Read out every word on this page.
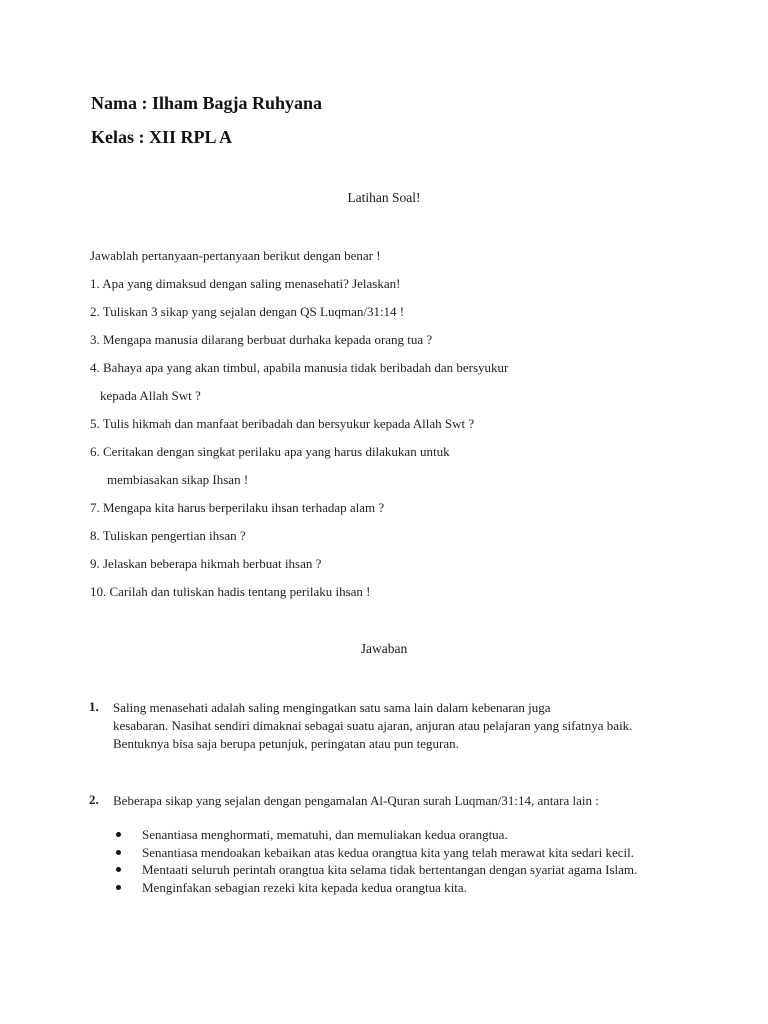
Nama : Ilham Bagja Ruhyana
Kelas : XII RPL A
Latihan Soal!
Jawablah pertanyaan-pertanyaan berikut dengan benar !
1. Apa yang dimaksud dengan saling menasehati? Jelaskan!
2. Tuliskan 3 sikap yang sejalan dengan QS Luqman/31:14 !
3. Mengapa manusia dilarang berbuat durhaka kepada orang tua ?
4. Bahaya apa yang akan timbul, apabila manusia tidak beribadah dan bersyukur
kepada Allah Swt ?
5. Tulis hikmah dan manfaat beribadah dan bersyukur kepada Allah Swt ?
6. Ceritakan dengan singkat perilaku apa yang harus dilakukan untuk
membiasakan sikap Ihsan !
7. Mengapa kita harus berperilaku ihsan terhadap alam ?
8. Tuliskan pengertian ihsan ?
9. Jelaskan beberapa hikmah berbuat ihsan ?
10. Carilah dan tuliskan hadis tentang perilaku ihsan !
Jawaban
1. Saling menasehati adalah saling mengingatkan satu sama lain dalam kebenaran juga
kesabaran. Nasihat sendiri dimaknai sebagai suatu ajaran, anjuran atau pelajaran yang sifatnya baik.
Bentuknya bisa saja berupa petunjuk, peringatan atau pun teguran.
2. Beberapa sikap yang sejalan dengan pengamalan Al-Quran surah Luqman/31:14, antara lain :
Senantiasa menghormati, mematuhi, dan memuliakan kedua orangtua.
Senantiasa mendoakan kebaikan atas kedua orangtua kita yang telah merawat kita sedari kecil.
Mentaati seluruh perintah orangtua kita selama tidak bertentangan dengan syariat agama Islam.
Menginfakan sebagian rezeki kita kepada kedua orangtua kita.
